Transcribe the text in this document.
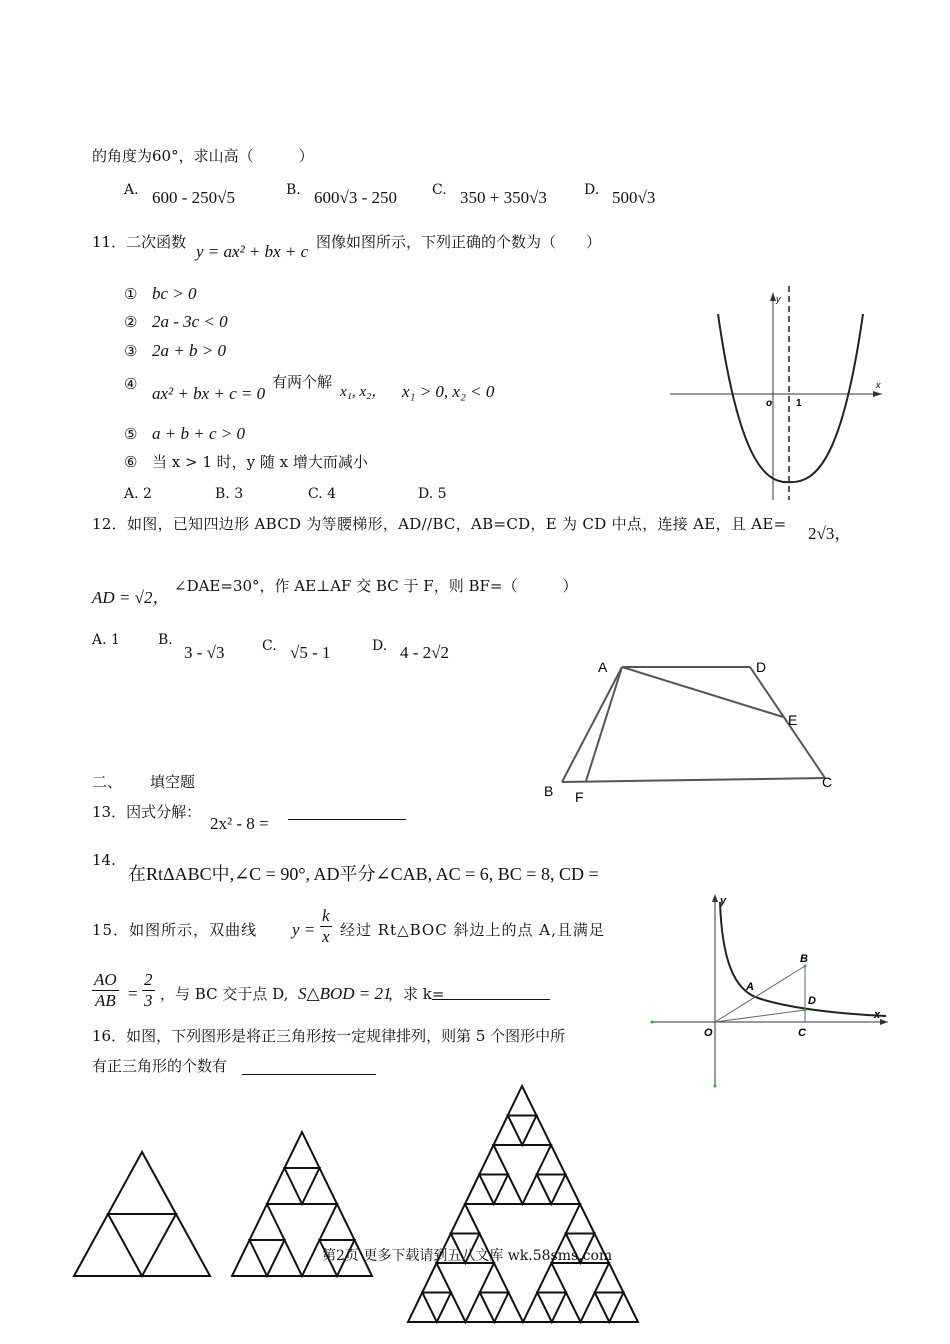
的角度为60°，求山高（　　　）
A. 600 - 250√5	B. 600√3 - 250	C. 350 + 350√3	D. 500√3
11．二次函数 y = ax² + bx + c 图像如图所示，下列正确的个数为（　　）
① bc > 0
② 2a - 3c < 0
③ 2a + b > 0
④ ax² + bx + c = 0
有两个解
x₁, x₂， x₁ > 0, x₂ < 0
⑤ a + b + c > 0
⑥ 当 x > 1 时，y 随 x 增大而减小
A. 2	B. 3	C. 4	D. 5
x
y
o 1
12．如图，已知四边形 ABCD 为等腰梯形，AD//BC，AB=CD，E 为 CD 中点，连接 AE，且 AE= 2√3，
AD = √2，
∠DAE=30°，作 AE⊥AF 交 BC 于 F，则 BF=（　　　）
A. 1	B.
3 - √3	C. √5 - 1	D. 4 - 2√2
A	D
E
B F
C
二、 填空题
13．因式分解：
2x² - 8 =
14.
在RtΔABC中,∠C = 90°, AD平分∠CAB, AC = 6, BC = 8, CD =
15．如图所示，双曲线 $y = \frac{k}{x}$ 经过 Rt△BOC 斜边上的点 A,且满足
$\frac{AO}{AB} = \frac{2}{3}$ ，与 BC 交于点 D, S△BOD = 21
，求 k=
y
B
A
D
O	C
x
16．如图，下列图形是将正三角形按一定规律排列，则第 5 个图形中所
有正三角形的个数有
第2页 更多下载请到五八文库 wk.58sms.com
